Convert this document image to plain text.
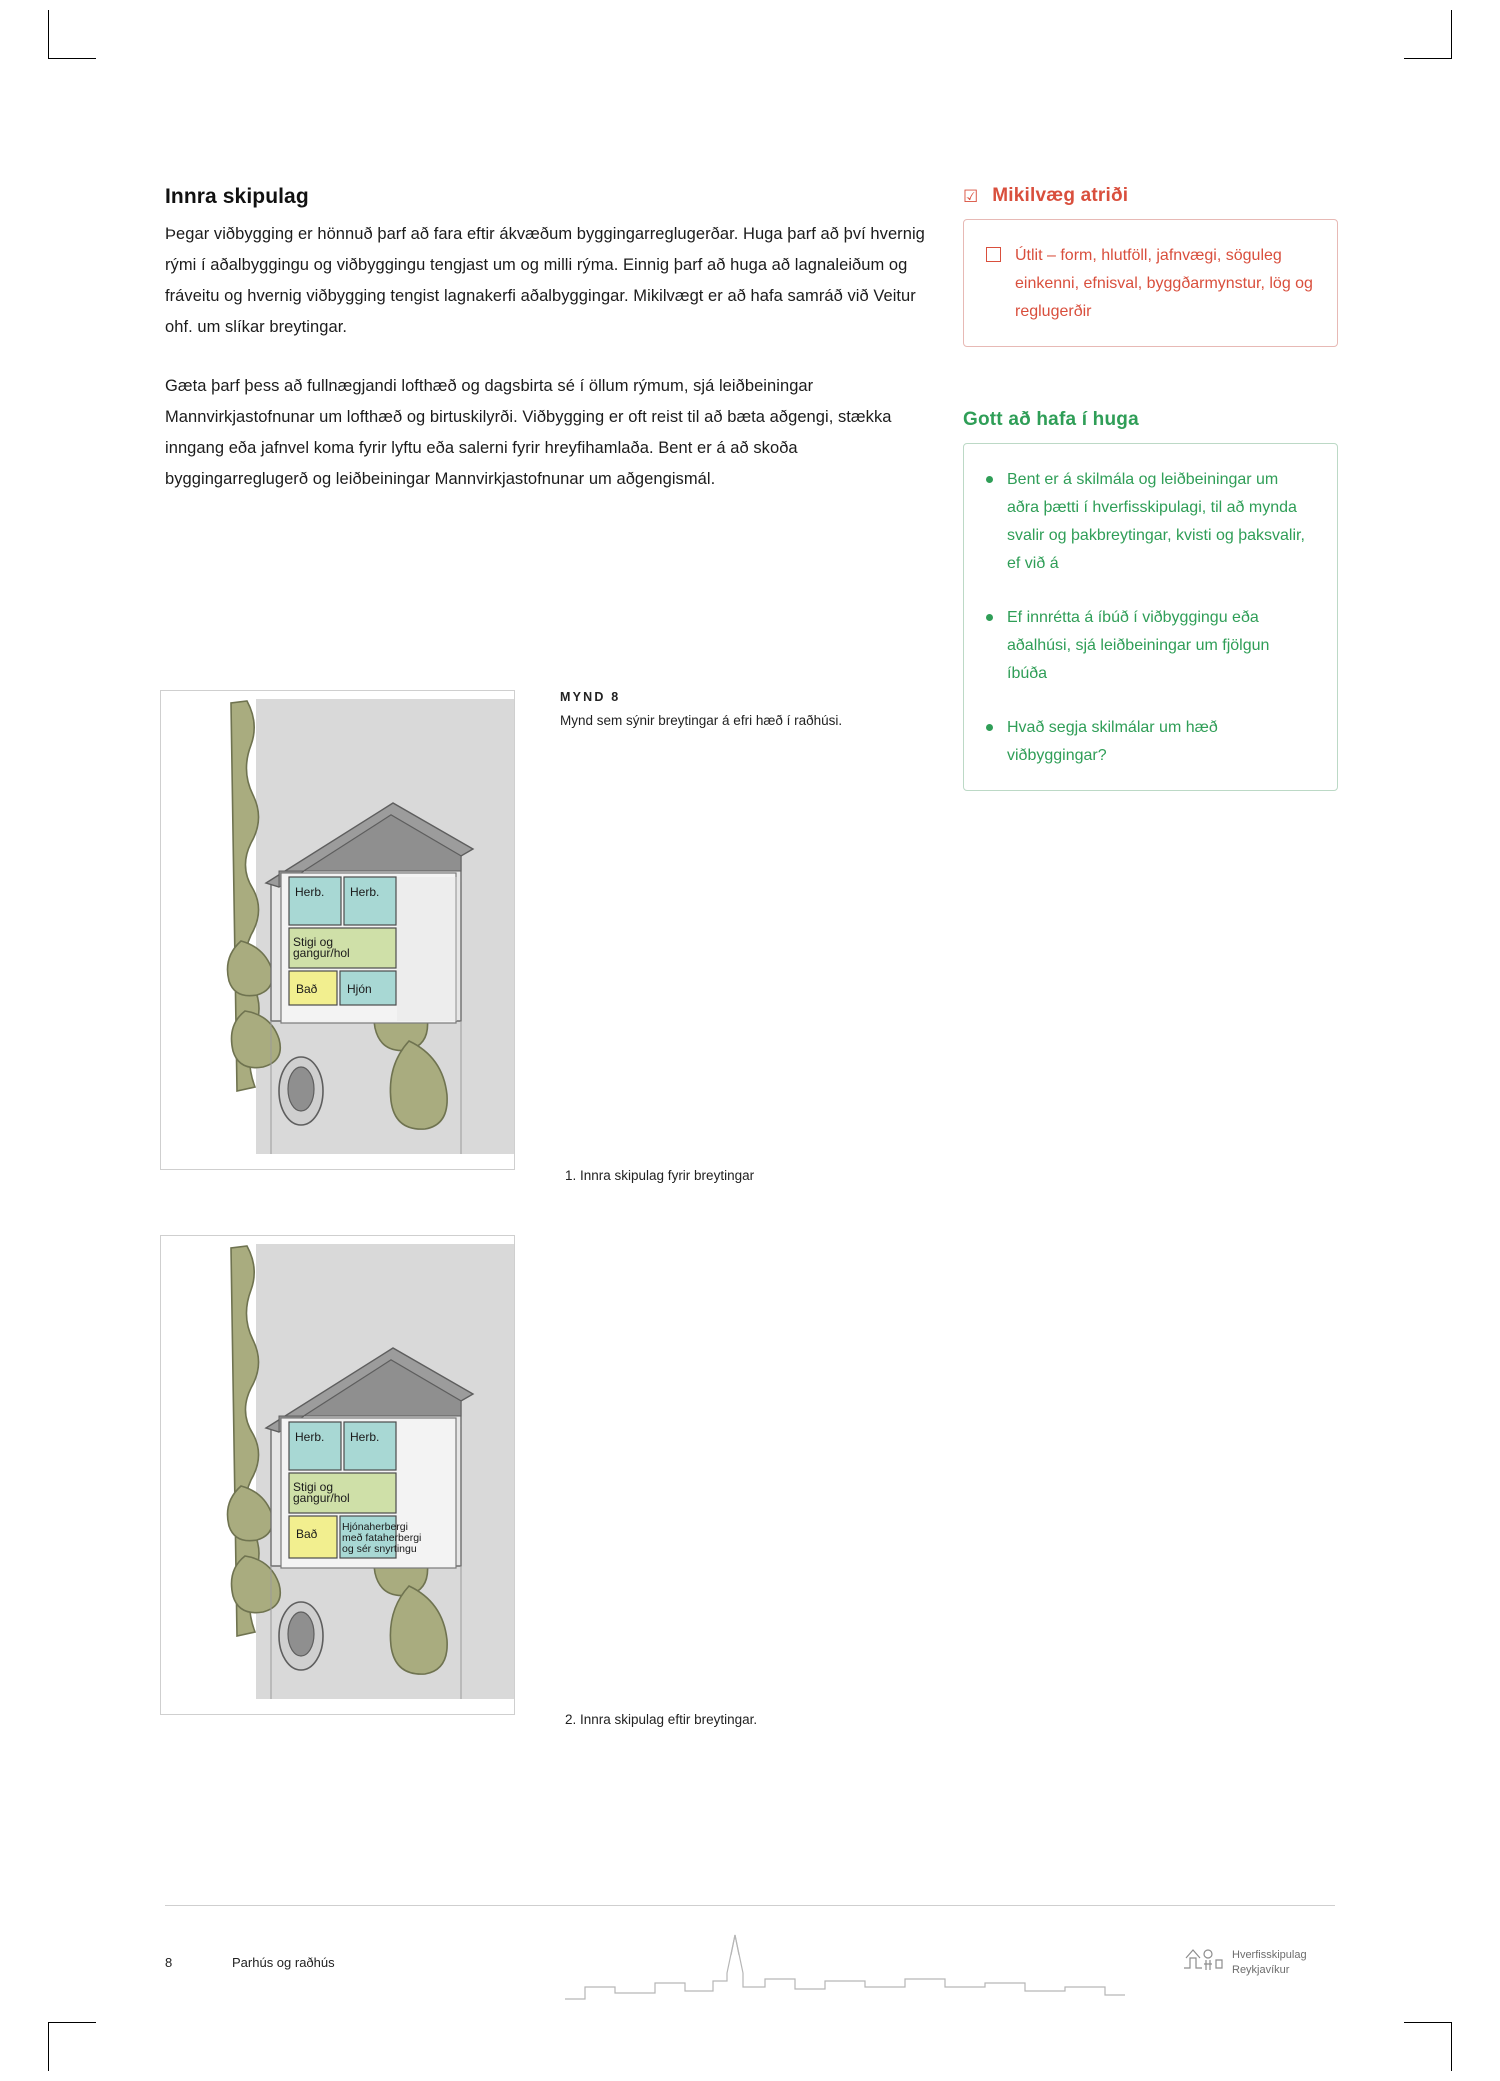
Innra skipulag

Þegar viðbygging er hönnuð þarf að fara eftir ákvæðum byggingarreglugerðar. Huga þarf að því hvernig rými í aðalbyggingu og viðbyggingu tengjast um og milli rýma. Einnig þarf að huga að lagnaleiðum og fráveitu og hvernig viðbygging tengist lagnakerfi aðalbyggingar. Mikilvægt er að hafa samráð við Veitur ohf. um slíkar breytingar.

Gæta þarf þess að fullnægjandi lofthæð og dagsbirta sé í öllum rýmum, sjá leiðbeiningar Mannvirkjastofnunar um lofthæð og birtuskilyrði. Viðbygging er oft reist til að bæta aðgengi, stækka inngang eða jafnvel koma fyrir lyftu eða salerni fyrir hreyfihamlaða. Bent er á að skoða byggingarreglugerð og leiðbeiningar Mannvirkjastofnunar um aðgengismál.

☑ Mikilvæg atriði
Útlit – form, hlutföll, jafnvægi, söguleg einkenni, efnisval, byggðarmynstur, lög og reglugerðir
Gott að hafa í huga
Bent er á skilmála og leiðbeiningar um aðra þætti í hverfisskipulagi, til að mynda svalir og þakbreytingar, kvisti og þaksvalir, ef við á
Ef innrétta á íbúð í viðbyggingu eða aðalhúsi, sjá leiðbeiningar um fjölgun íbúða
Hvað segja skilmálar um hæð viðbyggingar?
MYND 8
Mynd sem sýnir breytingar á efri hæð í raðhúsi.
Herb. Herb.
Stigi og
gangur/hol
Bað Hjón
1. Innra skipulag fyrir breytingar
Herb. Herb.
Stigi og
gangur/hol
Bað Hjónaherbergi
með fataherbergi
og sér snyrtingu
2. Innra skipulag eftir breytingar.
8	Parhús og raðhús	Hverfisskipulag
Reykjavíkur
